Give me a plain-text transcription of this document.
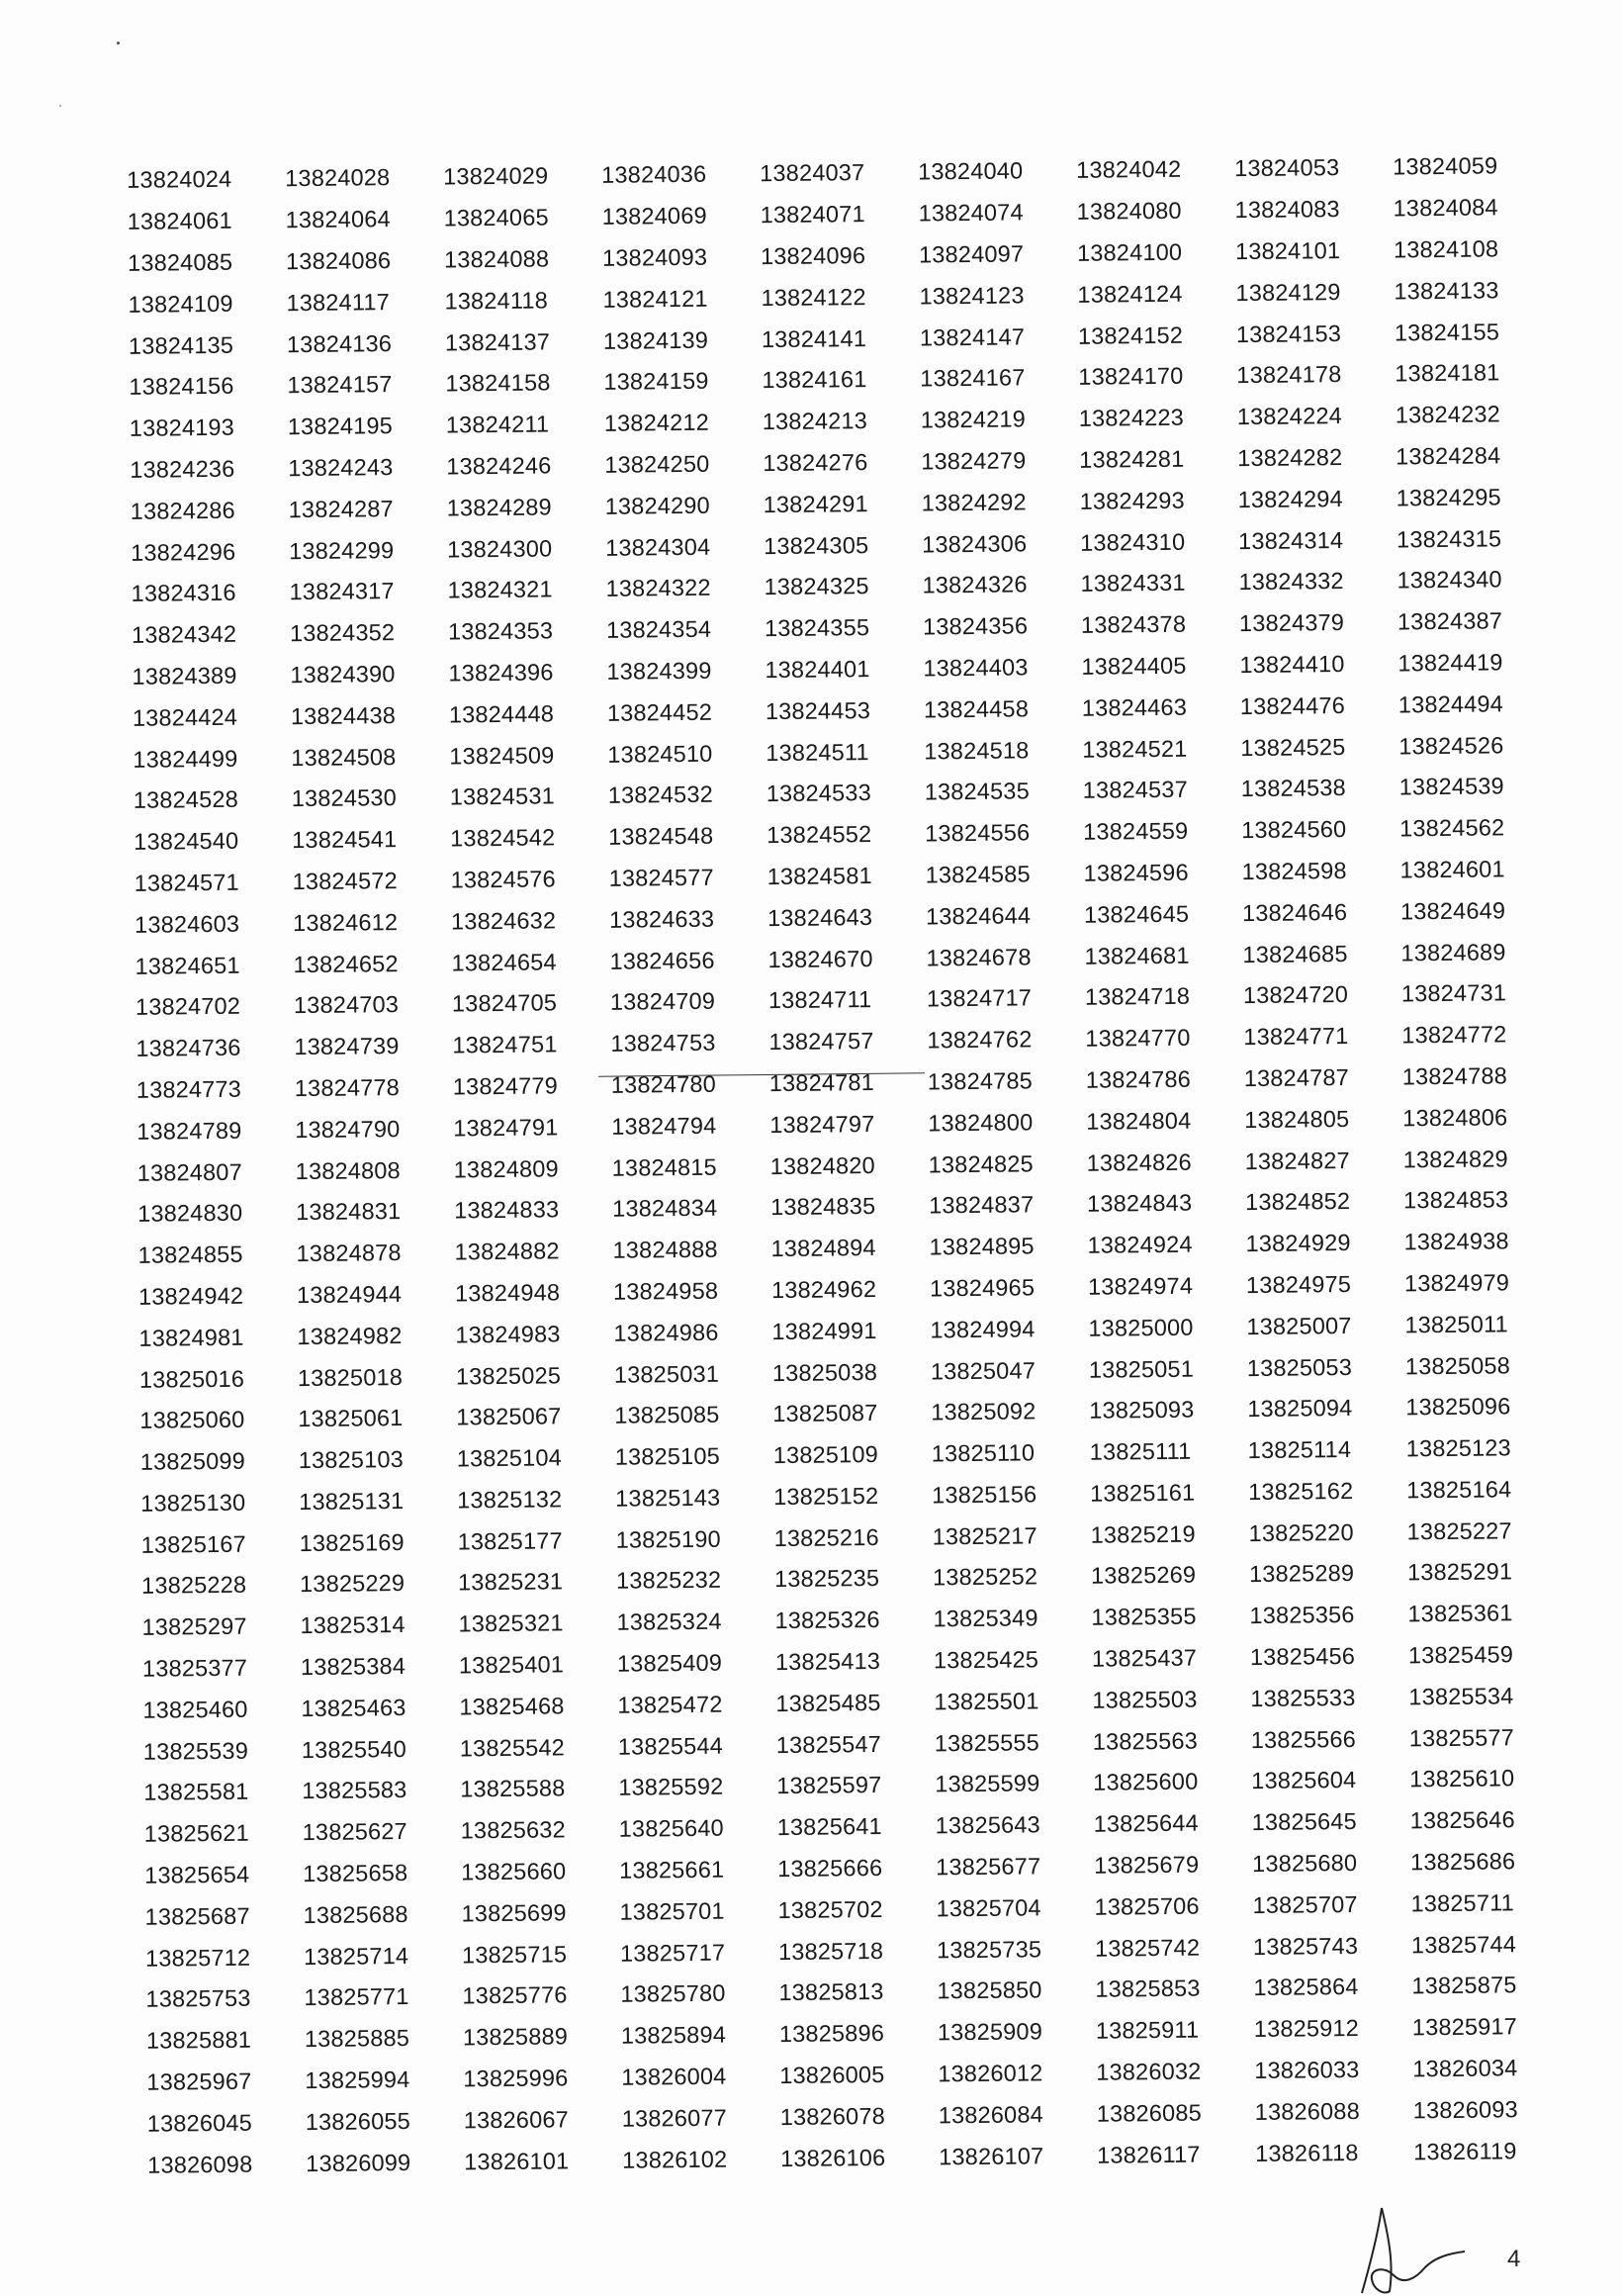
13824024	13824028	13824029	13824036	13824037	13824040	13824042	13824053	13824059
13824061	13824064	13824065	13824069	13824071	13824074	13824080	13824083	13824084
13824085	13824086	13824088	13824093	13824096	13824097	13824100	13824101	13824108
13824109	13824117	13824118	13824121	13824122	13824123	13824124	13824129	13824133
13824135	13824136	13824137	13824139	13824141	13824147	13824152	13824153	13824155
13824156	13824157	13824158	13824159	13824161	13824167	13824170	13824178	13824181
13824193	13824195	13824211	13824212	13824213	13824219	13824223	13824224	13824232
13824236	13824243	13824246	13824250	13824276	13824279	13824281	13824282	13824284
13824286	13824287	13824289	13824290	13824291	13824292	13824293	13824294	13824295
13824296	13824299	13824300	13824304	13824305	13824306	13824310	13824314	13824315
13824316	13824317	13824321	13824322	13824325	13824326	13824331	13824332	13824340
13824342	13824352	13824353	13824354	13824355	13824356	13824378	13824379	13824387
13824389	13824390	13824396	13824399	13824401	13824403	13824405	13824410	13824419
13824424	13824438	13824448	13824452	13824453	13824458	13824463	13824476	13824494
13824499	13824508	13824509	13824510	13824511	13824518	13824521	13824525	13824526
13824528	13824530	13824531	13824532	13824533	13824535	13824537	13824538	13824539
13824540	13824541	13824542	13824548	13824552	13824556	13824559	13824560	13824562
13824571	13824572	13824576	13824577	13824581	13824585	13824596	13824598	13824601
13824603	13824612	13824632	13824633	13824643	13824644	13824645	13824646	13824649
13824651	13824652	13824654	13824656	13824670	13824678	13824681	13824685	13824689
13824702	13824703	13824705	13824709	13824711	13824717	13824718	13824720	13824731
13824736	13824739	13824751	13824753	13824757	13824762	13824770	13824771	13824772
13824773	13824778	13824779	13824780	13824781	13824785	13824786	13824787	13824788
13824789	13824790	13824791	13824794	13824797	13824800	13824804	13824805	13824806
13824807	13824808	13824809	13824815	13824820	13824825	13824826	13824827	13824829
13824830	13824831	13824833	13824834	13824835	13824837	13824843	13824852	13824853
13824855	13824878	13824882	13824888	13824894	13824895	13824924	13824929	13824938
13824942	13824944	13824948	13824958	13824962	13824965	13824974	13824975	13824979
13824981	13824982	13824983	13824986	13824991	13824994	13825000	13825007	13825011
13825016	13825018	13825025	13825031	13825038	13825047	13825051	13825053	13825058
13825060	13825061	13825067	13825085	13825087	13825092	13825093	13825094	13825096
13825099	13825103	13825104	13825105	13825109	13825110	13825111	13825114	13825123
13825130	13825131	13825132	13825143	13825152	13825156	13825161	13825162	13825164
13825167	13825169	13825177	13825190	13825216	13825217	13825219	13825220	13825227
13825228	13825229	13825231	13825232	13825235	13825252	13825269	13825289	13825291
13825297	13825314	13825321	13825324	13825326	13825349	13825355	13825356	13825361
13825377	13825384	13825401	13825409	13825413	13825425	13825437	13825456	13825459
13825460	13825463	13825468	13825472	13825485	13825501	13825503	13825533	13825534
13825539	13825540	13825542	13825544	13825547	13825555	13825563	13825566	13825577
13825581	13825583	13825588	13825592	13825597	13825599	13825600	13825604	13825610
13825621	13825627	13825632	13825640	13825641	13825643	13825644	13825645	13825646
13825654	13825658	13825660	13825661	13825666	13825677	13825679	13825680	13825686
13825687	13825688	13825699	13825701	13825702	13825704	13825706	13825707	13825711
13825712	13825714	13825715	13825717	13825718	13825735	13825742	13825743	13825744
13825753	13825771	13825776	13825780	13825813	13825850	13825853	13825864	13825875
13825881	13825885	13825889	13825894	13825896	13825909	13825911	13825912	13825917
13825967	13825994	13825996	13826004	13826005	13826012	13826032	13826033	13826034
13826045	13826055	13826067	13826077	13826078	13826084	13826085	13826088	13826093
13826098	13826099	13826101	13826102	13826106	13826107	13826117	13826118	13826119
4
